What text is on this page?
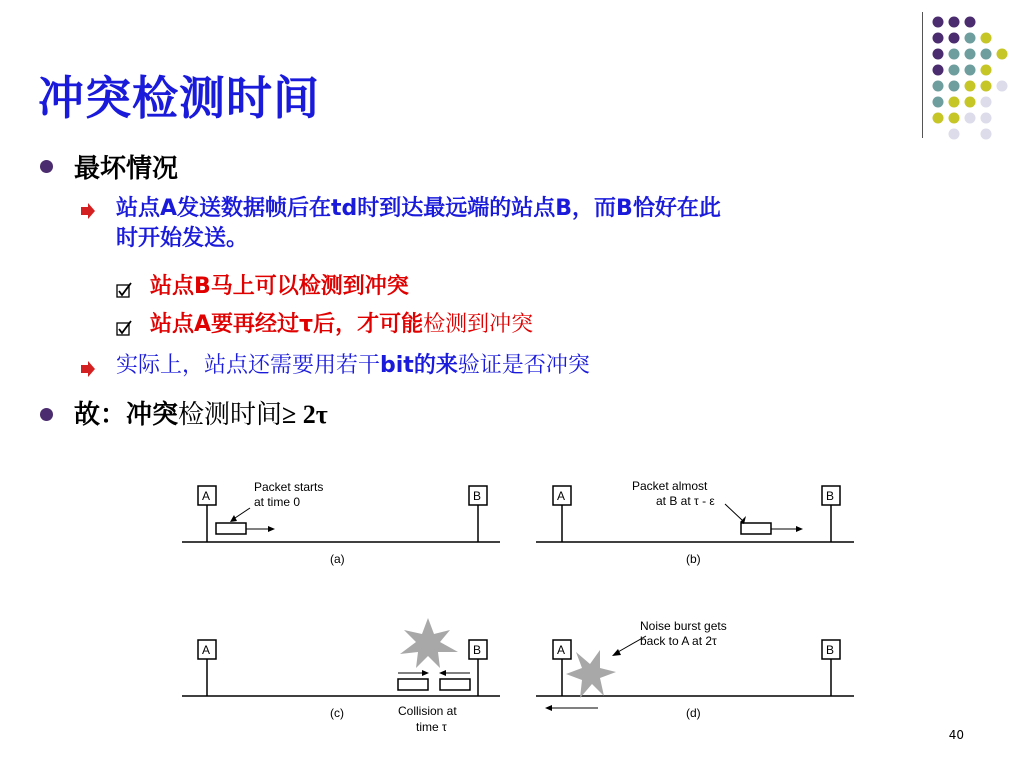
冲突检测时间
最坏情况
站点A发送数据帧后在td时到达最远端的站点B，而B恰好在此
时开始发送。
站点B马上可以检测到冲突
站点A要再经过τ后，才可能检测到冲突
实际上，站点还需要用若干bit的来验证是否冲突
故：冲突检测时间≥ 2τ
A	B	A	B
A	B	A	B
Packet starts
at time 0
Packet almost
at B at τ - ε
Collision at
time τ
Noise burst gets
back to A at 2τ
(a)	(b)
(c)	(d)
40
